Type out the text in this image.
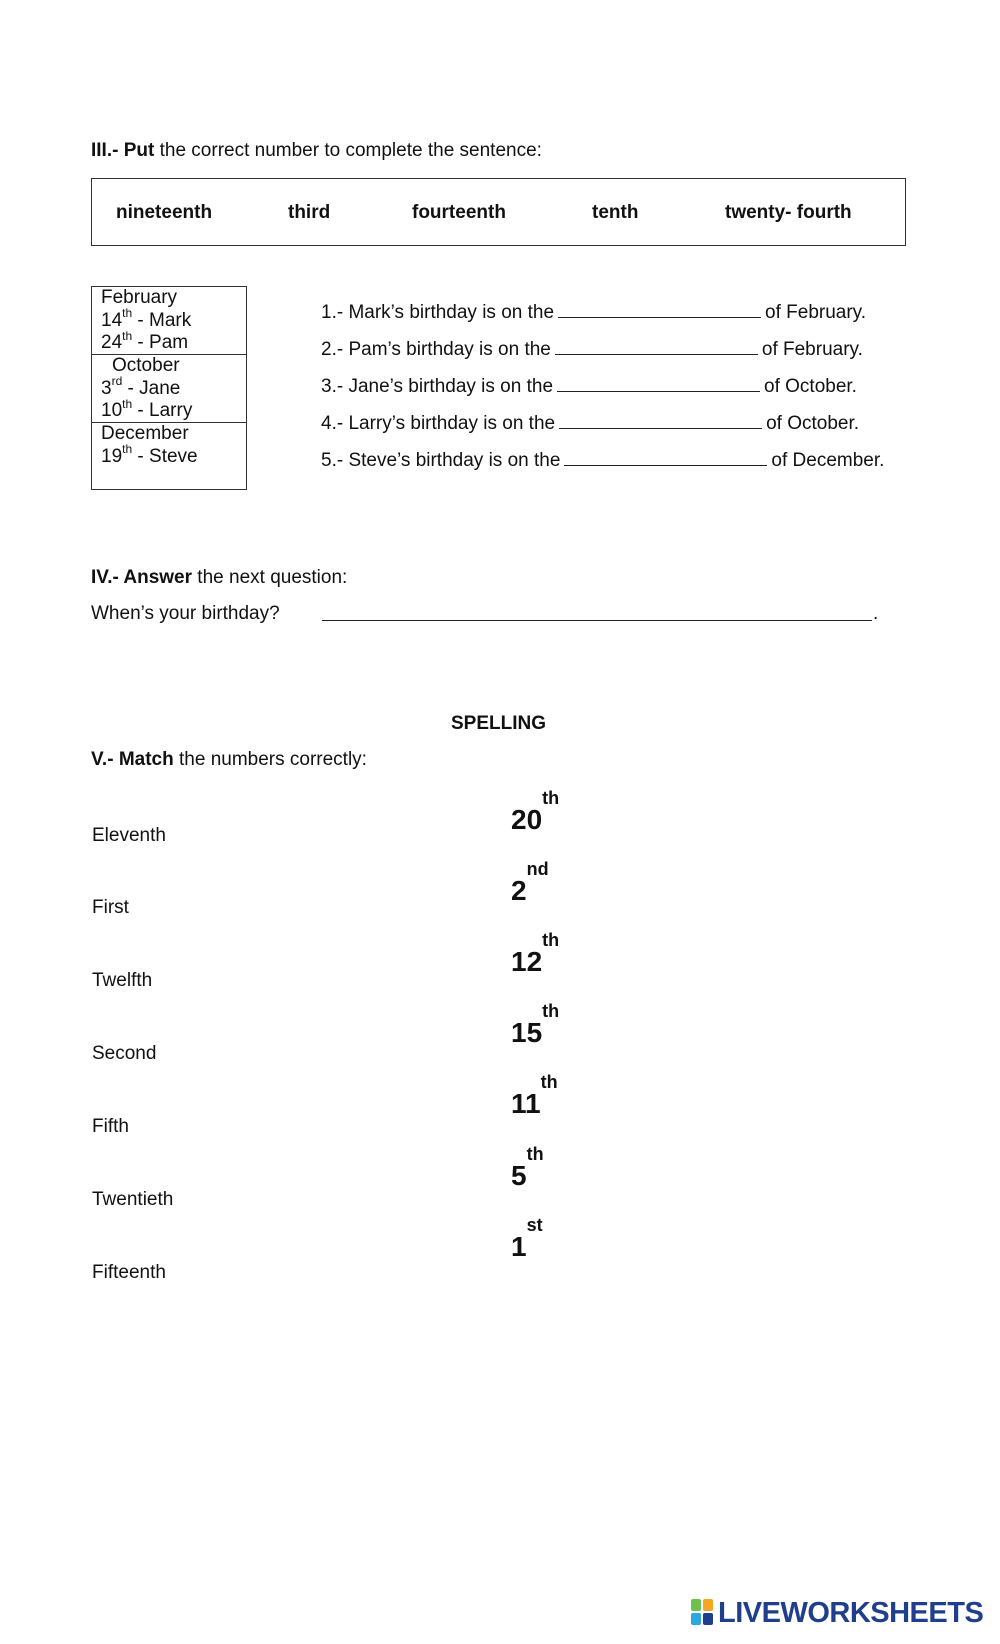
III.- Put the correct number to complete the sentence:
nineteenth	third	fourteenth	tenth	twenty- fourth
February
14th - Mark
24th - Pam
October
3rd - Jane
10th - Larry
December
19th - Steve
1.- Mark’s birthday is on the	of February.
2.- Pam’s birthday is on the	of February.
3.- Jane’s birthday is on the	of October.
4.- Larry’s birthday is on the	of October.
5.- Steve’s birthday is on the	of December.
IV.- Answer the next question:
When’s your birthday?	.
SPELLING
V.- Match the numbers correctly:
Eleventh
First
Twelfth
Second
Fifth
Twentieth
Fifteenth
20th
2nd
12th
15th
11th
5th
1st
LIVEWORKSHEETS
